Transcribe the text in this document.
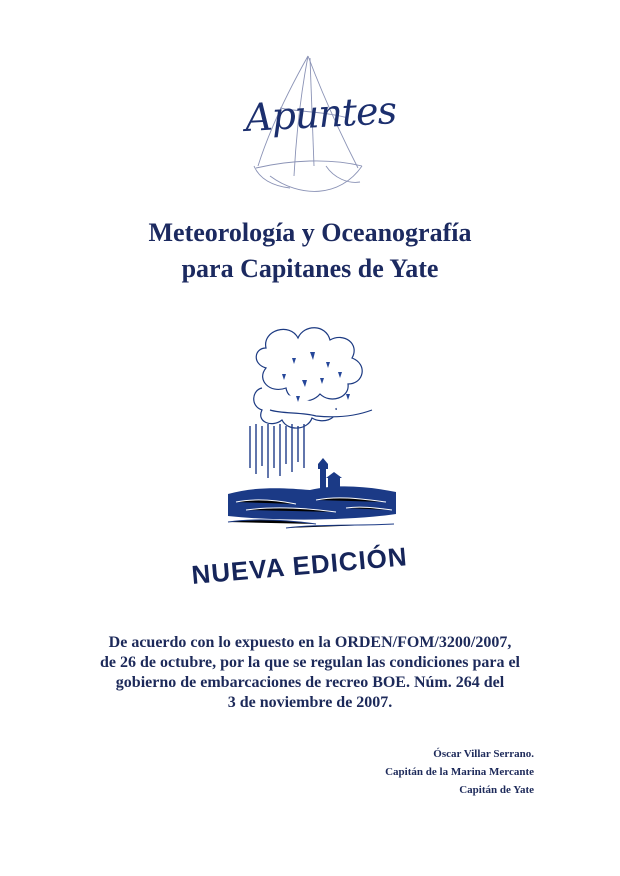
Apuntes
Meteorología y Oceanografía
para Capitanes de Yate
NUEVA EDICIÓN
De acuerdo con lo expuesto en la ORDEN/FOM/3200/2007,
de 26 de octubre, por la que se regulan las condiciones para el
gobierno de embarcaciones de recreo BOE. Núm. 264 del
3 de noviembre de 2007.
Óscar Villar Serrano.
Capitán de la Marina Mercante
Capitán de Yate
